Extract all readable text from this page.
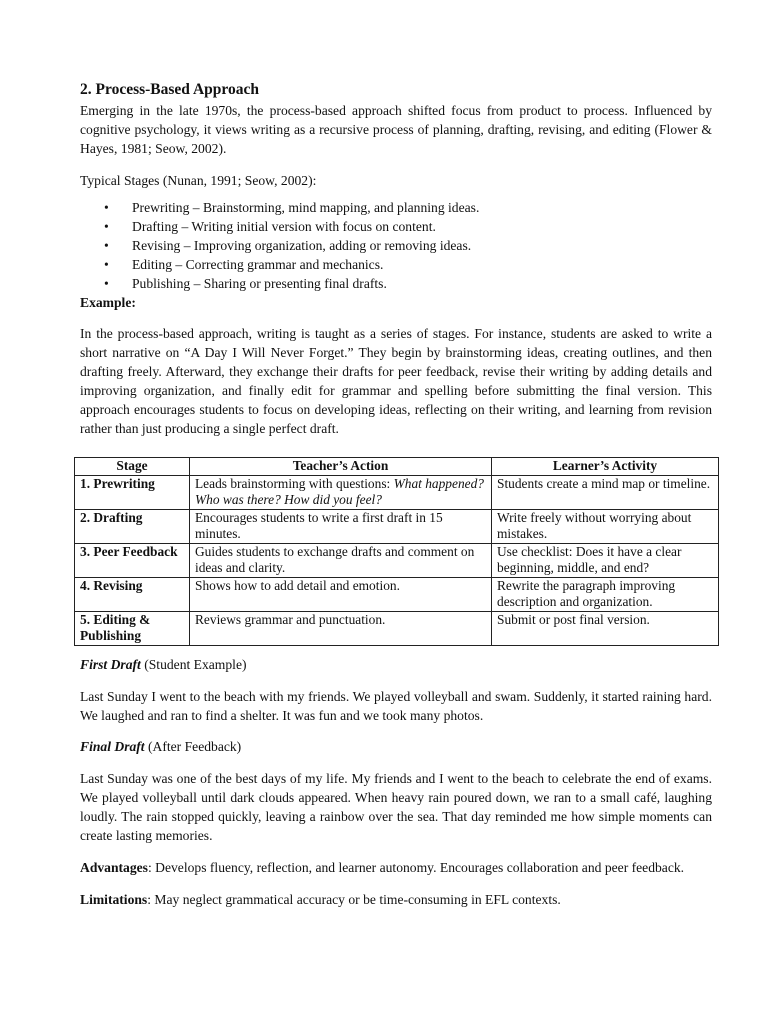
2. Process-Based Approach

Emerging in the late 1970s, the process-based approach shifted focus from product to process. Influenced by cognitive psychology, it views writing as a recursive process of planning, drafting, revising, and editing (Flower & Hayes, 1981; Seow, 2002).

Typical Stages (Nunan, 1991; Seow, 2002):

• Prewriting – Brainstorming, mind mapping, and planning ideas.
• Drafting – Writing initial version with focus on content.
• Revising – Improving organization, adding or removing ideas.
• Editing – Correcting grammar and mechanics.
• Publishing – Sharing or presenting final drafts.

Example:

In the process-based approach, writing is taught as a series of stages. For instance, students are asked to write a short narrative on “A Day I Will Never Forget.” They begin by brainstorming ideas, creating outlines, and then drafting freely. Afterward, they exchange their drafts for peer feedback, revise their writing by adding details and improving organization, and finally edit for grammar and spelling before submitting the final version. This approach encourages students to focus on developing ideas, reflecting on their writing, and learning from revision rather than just producing a single perfect draft.

Stage	Teacher’s Action	Learner’s Activity
1. Prewriting	Leads brainstorming with questions: What happened? Who was there? How did you feel?	Students create a mind map or timeline.
2. Drafting	Encourages students to write a first draft in 15 minutes.	Write freely without worrying about mistakes.
3. Peer Feedback	Guides students to exchange drafts and comment on ideas and clarity.	Use checklist: Does it have a clear beginning, middle, and end?
4. Revising	Shows how to add detail and emotion.	Rewrite the paragraph improving description and organization.
5. Editing & Publishing	Reviews grammar and punctuation.	Submit or post final version.

First Draft (Student Example)

Last Sunday I went to the beach with my friends. We played volleyball and swam. Suddenly, it started raining hard. We laughed and ran to find a shelter. It was fun and we took many photos.

Final Draft (After Feedback)

Last Sunday was one of the best days of my life. My friends and I went to the beach to celebrate the end of exams. We played volleyball until dark clouds appeared. When heavy rain poured down, we ran to a small café, laughing loudly. The rain stopped quickly, leaving a rainbow over the sea. That day reminded me how simple moments can create lasting memories.

Advantages: Develops fluency, reflection, and learner autonomy. Encourages collaboration and peer feedback.

Limitations: May neglect grammatical accuracy or be time-consuming in EFL contexts.
